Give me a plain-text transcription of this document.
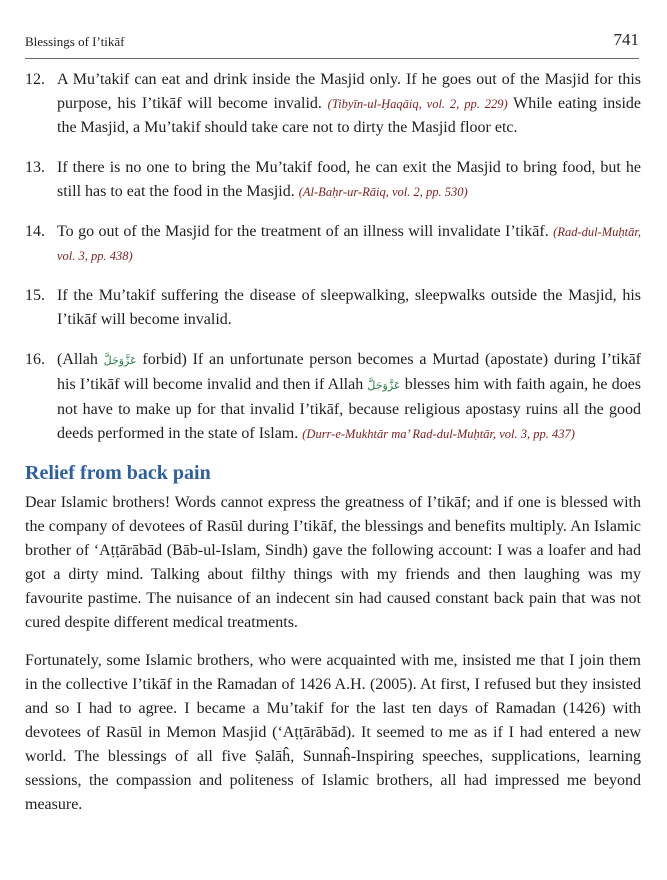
Blessings of I’tikāf	741
12. A Mu’takif can eat and drink inside the Masjid only. If he goes out of the Masjid for this purpose, his I’tikāf will become invalid. (Tibyīn-ul-Ḥaqāiq, vol. 2, pp. 229) While eating inside the Masjid, a Mu’takif should take care not to dirty the Masjid floor etc.
13. If there is no one to bring the Mu’takif food, he can exit the Masjid to bring food, but he still has to eat the food in the Masjid. (Al-Baḥr-ur-Rāiq, vol. 2, pp. 530)
14. To go out of the Masjid for the treatment of an illness will invalidate I’tikāf. (Rad-dul-Muḥtār, vol. 3, pp. 438)
15. If the Mu’takif suffering the disease of sleepwalking, sleepwalks outside the Masjid, his I’tikāf will become invalid.
16. (Allah عَزَّوَجَلَّ forbid) If an unfortunate person becomes a Murtad (apostate) during I’tikāf his I’tikāf will become invalid and then if Allah عَزَّوَجَلَّ blesses him with faith again, he does not have to make up for that invalid I’tikāf, because religious apostasy ruins all the good deeds performed in the state of Islam. (Durr-e-Mukhtār ma’ Rad-dul-Muḥtār, vol. 3, pp. 437)
Relief from back pain

Dear Islamic brothers! Words cannot express the greatness of I’tikāf; and if one is blessed with the company of devotees of Rasūl during I’tikāf, the blessings and benefits multiply. An Islamic brother of ‘Aṭṭārābād (Bāb-ul-Islam, Sindh) gave the following account: I was a loafer and had got a dirty mind. Talking about filthy things with my friends and then laughing was my favourite pastime. The nuisance of an indecent sin had caused constant back pain that was not cured despite different medical treatments.

Fortunately, some Islamic brothers, who were acquainted with me, insisted me that I join them in the collective I’tikāf in the Ramadan of 1426 A.H. (2005). At first, I refused but they insisted and so I had to agree. I became a Mu’takif for the last ten days of Ramadan (1426) with devotees of Rasūl in Memon Masjid (‘Aṭṭārābād). It seemed to me as if I had entered a new world. The blessings of all five Ṣalāĥ, Sunnaĥ-Inspiring speeches, supplications, learning sessions, the compassion and politeness of Islamic brothers, all had impressed me beyond measure.
